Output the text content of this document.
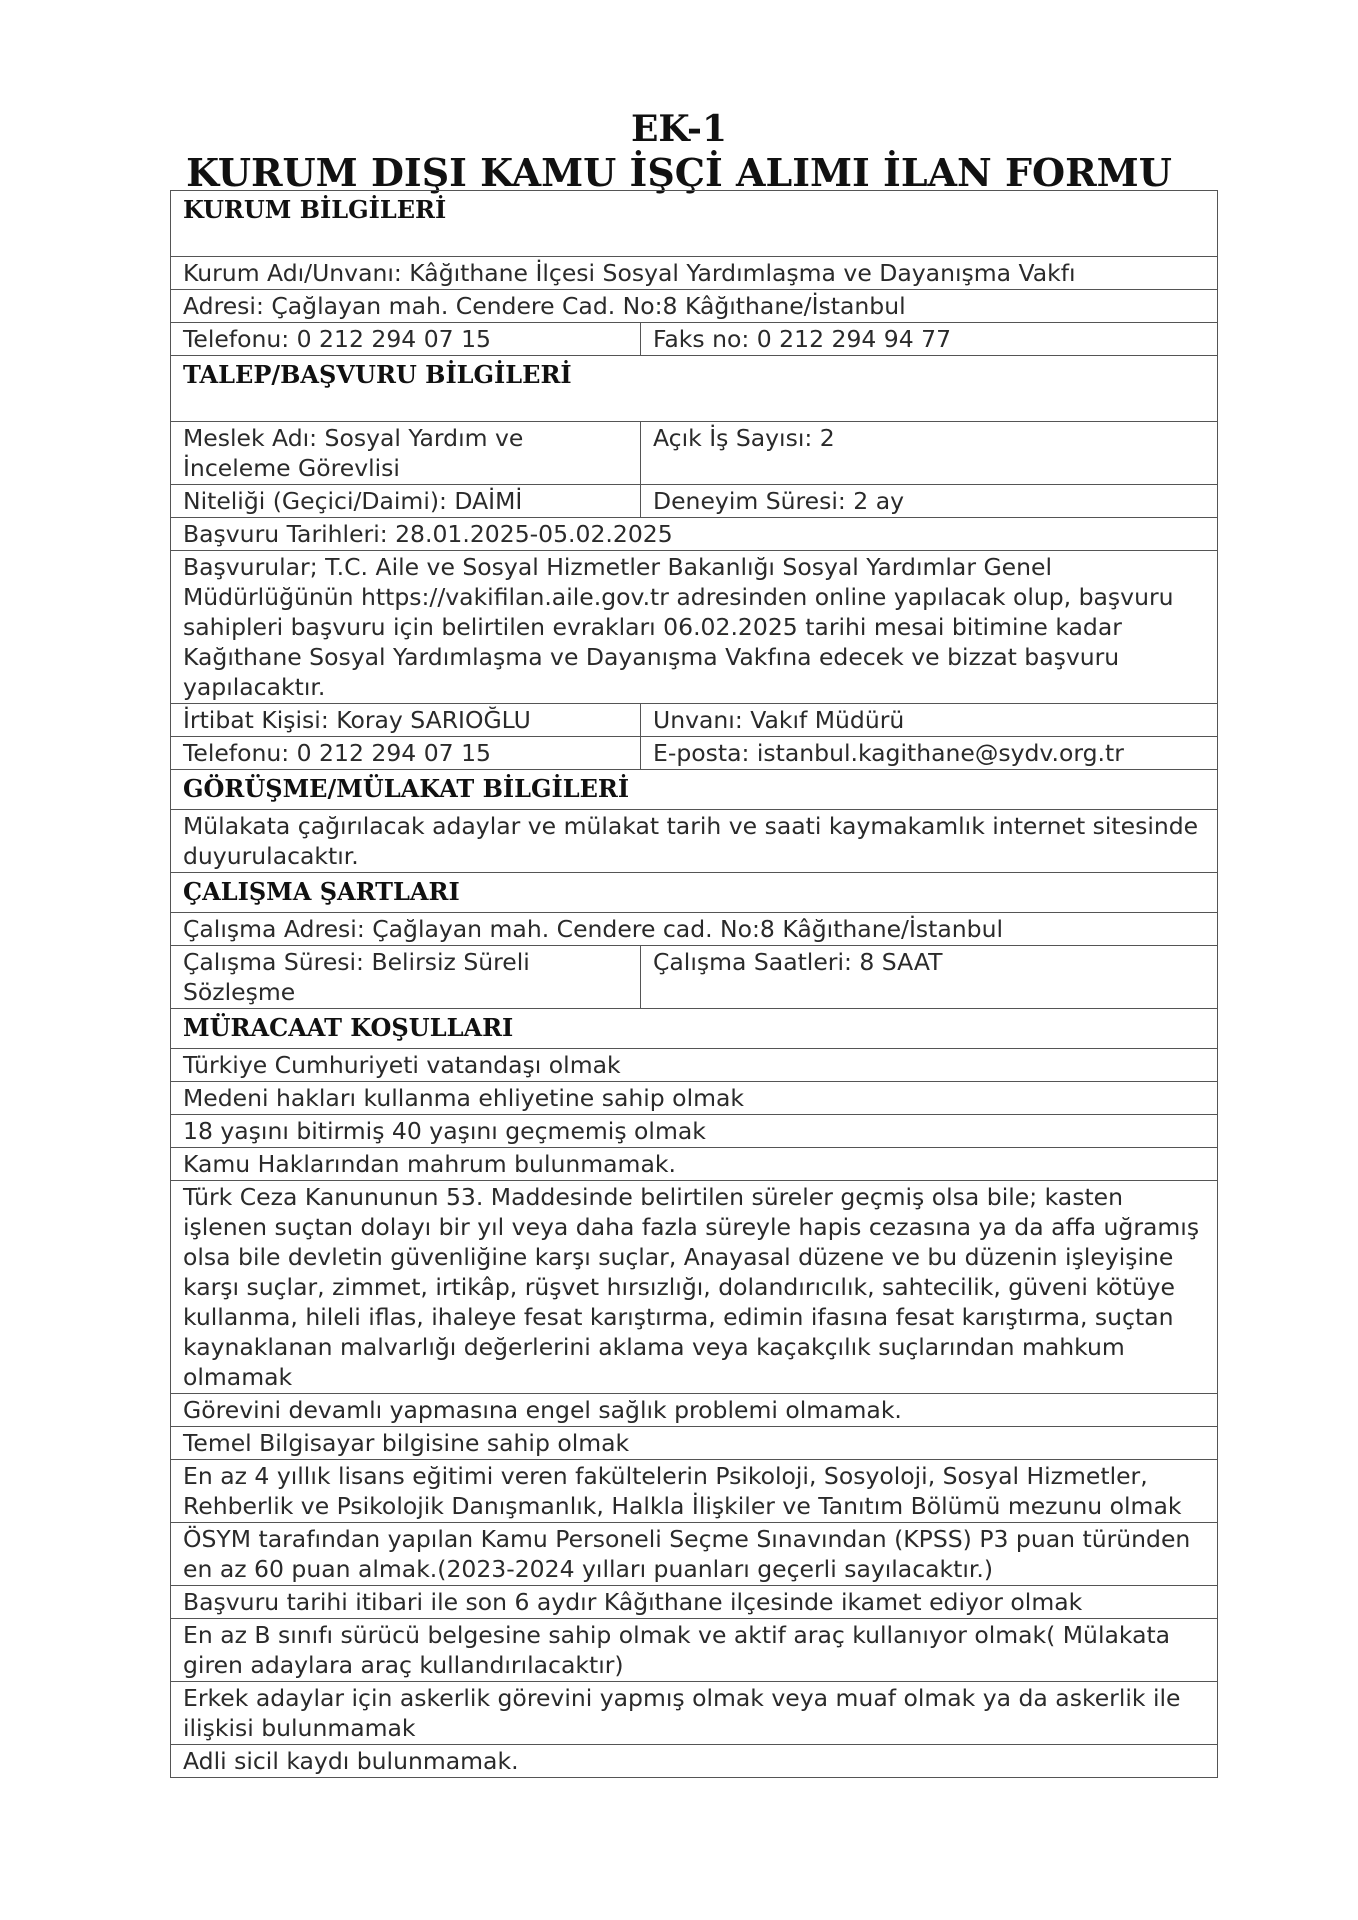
EK-1
KURUM DIŞI KAMU İŞÇİ ALIMI İLAN FORMU
KURUM BİLGİLERİ	
Kurum Adı/Unvanı: Kâğıthane İlçesi Sosyal Yardımlaşma ve Dayanışma Vakfı	
Adresi: Çağlayan mah. Cendere Cad. No:8 Kâğıthane/İstanbul	
Telefonu: 0 212 294 07 15	Faks no: 0 212 294 94 77
TALEP/BAŞVURU BİLGİLERİ	
Meslek Adı: Sosyal Yardım ve İnceleme Görevlisi	Açık İş Sayısı: 2
Niteliği (Geçici/Daimi): DAİMİ	Deneyim Süresi: 2 ay
Başvuru Tarihleri: 28.01.2025-05.02.2025	
Başvurular; T.C. Aile ve Sosyal Hizmetler Bakanlığı Sosyal Yardımlar Genel Müdürlüğünün https://vakifilan.aile.gov.tr adresinden online yapılacak olup, başvuru sahipleri başvuru için belirtilen evrakları 06.02.2025 tarihi mesai bitimine kadar Kağıthane Sosyal Yardımlaşma ve Dayanışma Vakfına edecek ve bizzat başvuru yapılacaktır.	
İrtibat Kişisi: Koray SARIOĞLU	Unvanı: Vakıf Müdürü
Telefonu: 0 212 294 07 15	E-posta: istanbul.kagithane@sydv.org.tr
GÖRÜŞME/MÜLAKAT BİLGİLERİ	
Mülakata çağırılacak adaylar ve mülakat tarih ve saati kaymakamlık internet sitesinde duyurulacaktır.	
ÇALIŞMA ŞARTLARI	
Çalışma Adresi: Çağlayan mah. Cendere cad. No:8 Kâğıthane/İstanbul	
Çalışma Süresi: Belirsiz Süreli Sözleşme	Çalışma Saatleri: 8 SAAT
MÜRACAAT KOŞULLARI	
Türkiye Cumhuriyeti vatandaşı olmak	
Medeni hakları kullanma ehliyetine sahip olmak	
18 yaşını bitirmiş 40 yaşını geçmemiş olmak	
Kamu Haklarından mahrum bulunmamak.	
Türk Ceza Kanununun 53. Maddesinde belirtilen süreler geçmiş olsa bile; kasten işlenen suçtan dolayı bir yıl veya daha fazla süreyle hapis cezasına ya da affa uğramış olsa bile devletin güvenliğine karşı suçlar, Anayasal düzene ve bu düzenin işleyişine karşı suçlar, zimmet, irtikâp, rüşvet hırsızlığı, dolandırıcılık, sahtecilik, güveni kötüye kullanma, hileli iflas, ihaleye fesat karıştırma, edimin ifasına fesat karıştırma, suçtan kaynaklanan malvarlığı değerlerini aklama veya kaçakçılık suçlarından mahkum olmamak	
Görevini devamlı yapmasına engel sağlık problemi olmamak.	
Temel Bilgisayar bilgisine sahip olmak	
En az 4 yıllık lisans eğitimi veren fakültelerin Psikoloji, Sosyoloji, Sosyal Hizmetler, Rehberlik ve Psikolojik Danışmanlık, Halkla İlişkiler ve Tanıtım Bölümü mezunu olmak	
ÖSYM tarafından yapılan Kamu Personeli Seçme Sınavından (KPSS) P3 puan türünden en az 60 puan almak.(2023-2024 yılları puanları geçerli sayılacaktır.)	
Başvuru tarihi itibari ile son 6 aydır Kâğıthane ilçesinde ikamet ediyor olmak	
En az B sınıfı sürücü belgesine sahip olmak ve aktif araç kullanıyor olmak( Mülakata giren adaylara araç kullandırılacaktır)	
Erkek adaylar için askerlik görevini yapmış olmak veya muaf olmak ya da askerlik ile ilişkisi bulunmamak	
Adli sicil kaydı bulunmamak.	
